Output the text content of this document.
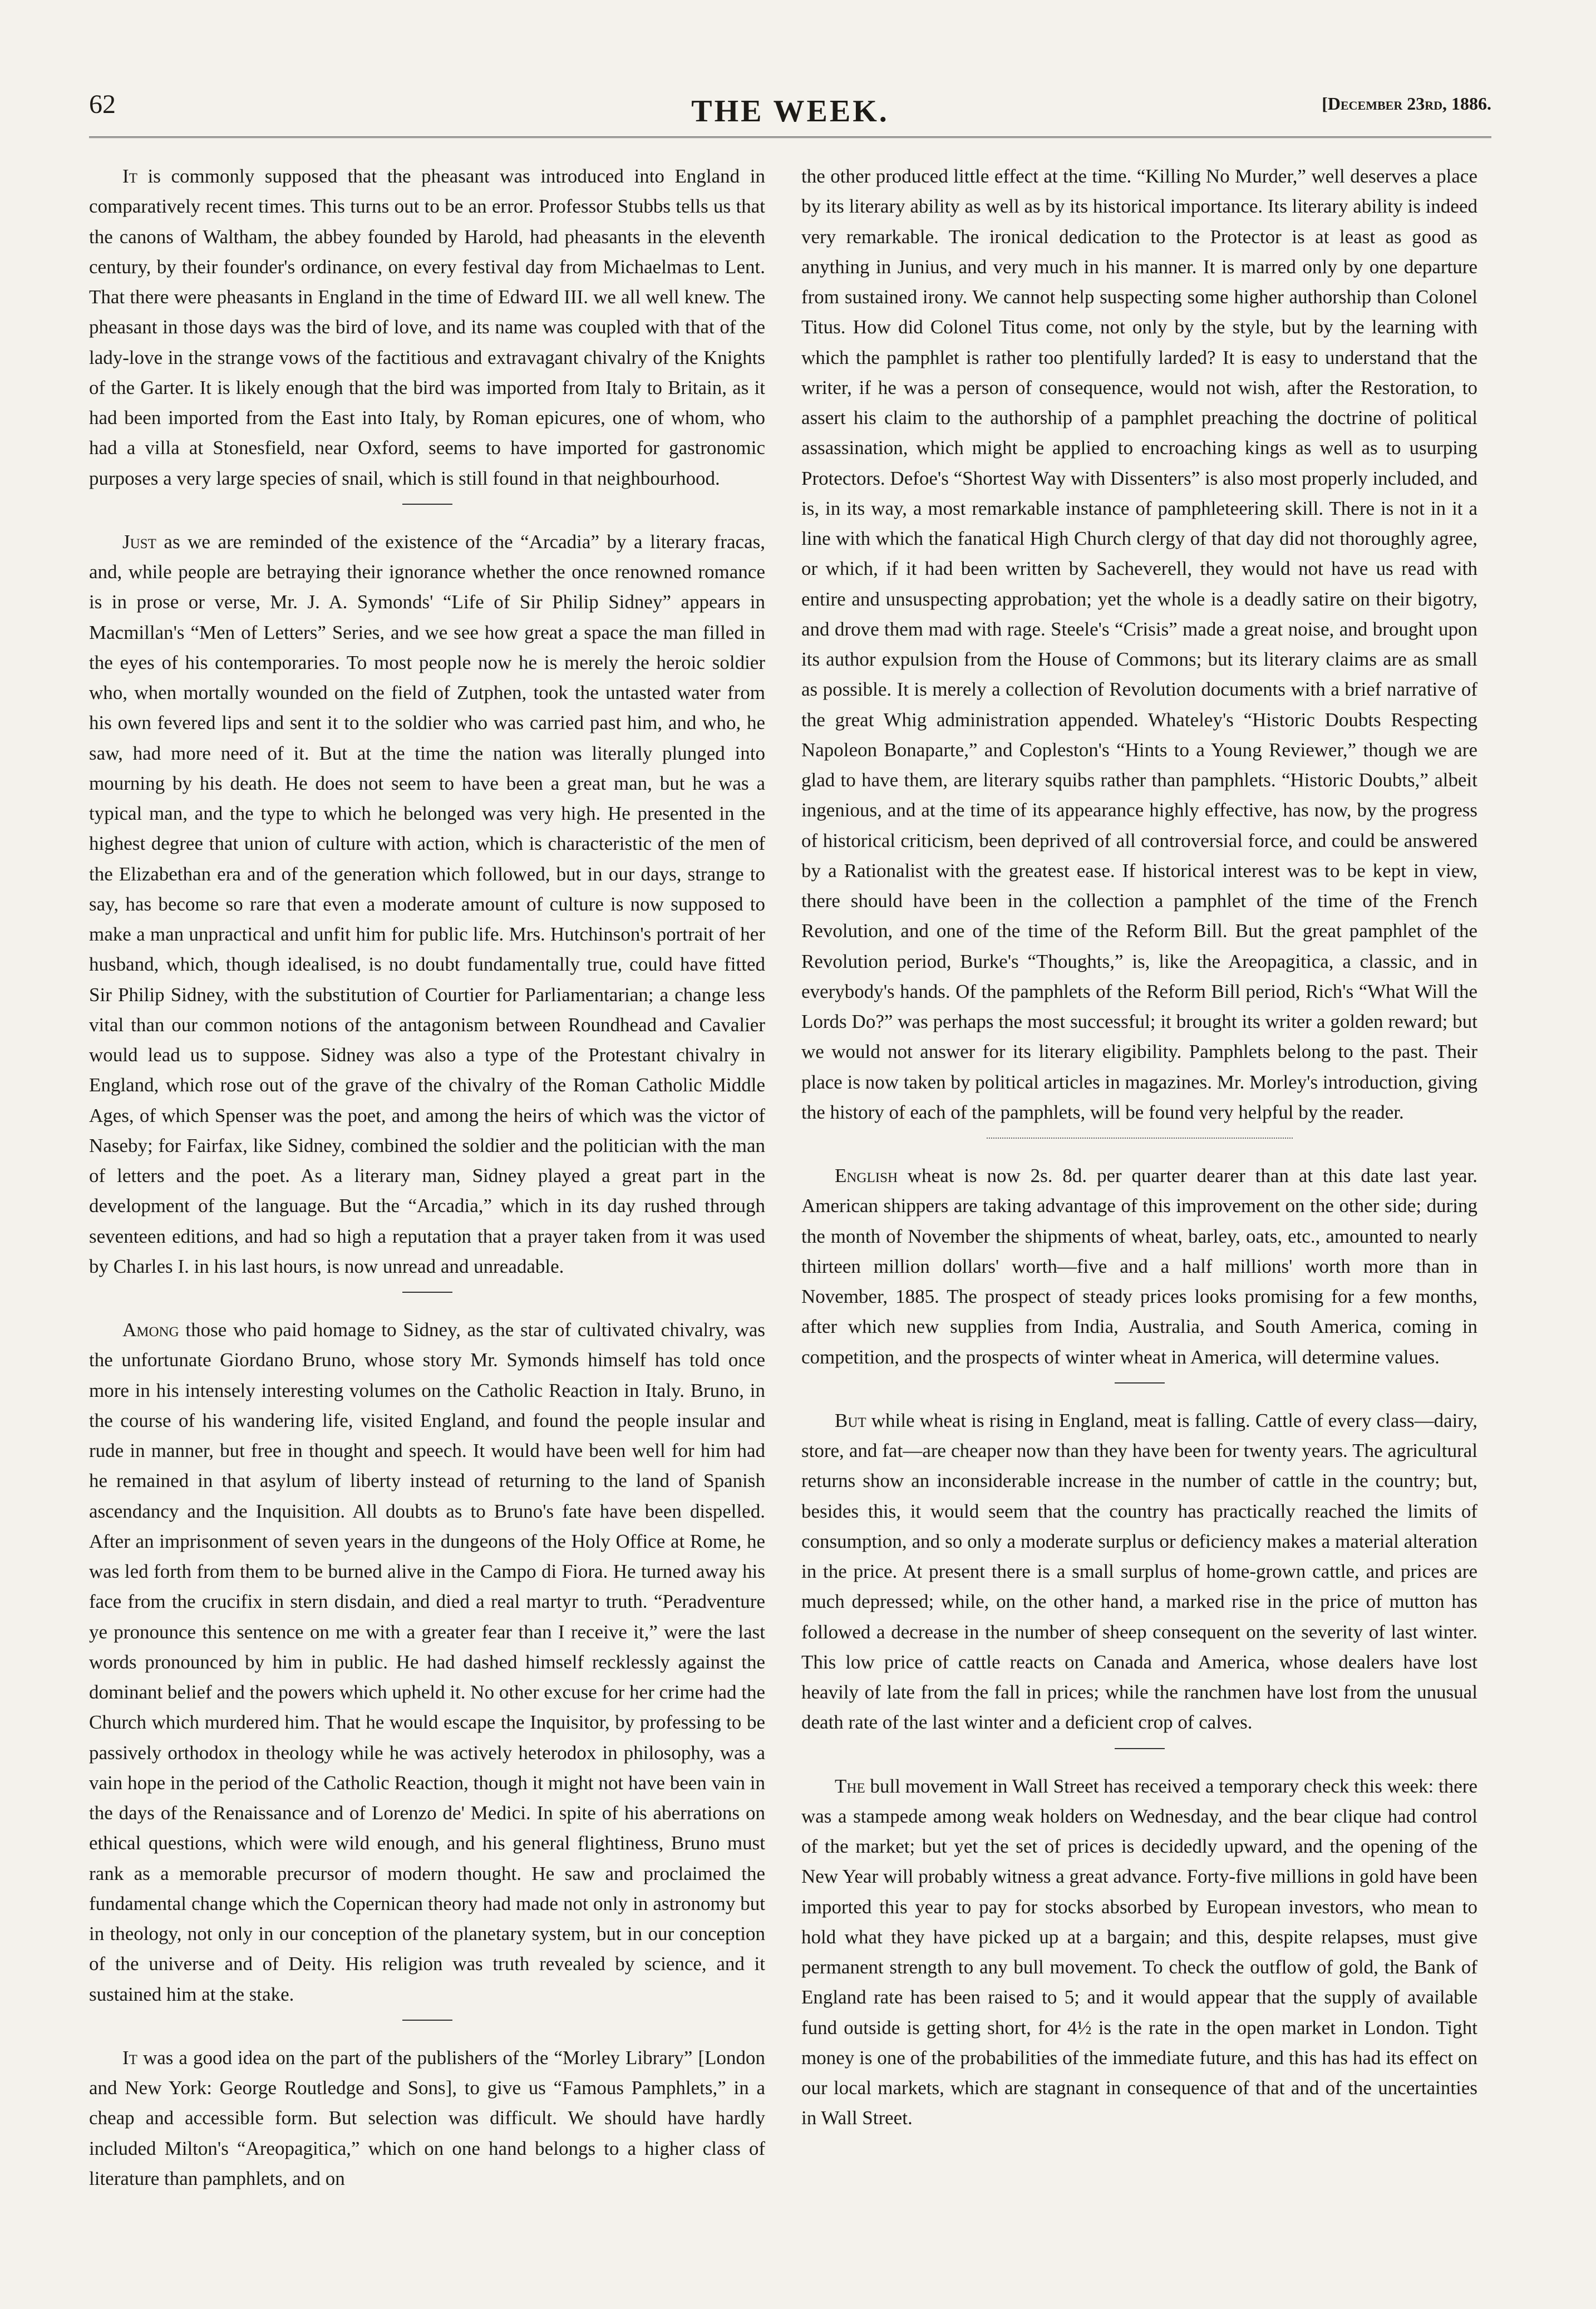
62	THE WEEK.	[December 23rd, 1886.

It is commonly supposed that the pheasant was introduced into England in comparatively recent times. This turns out to be an error. Professor Stubbs tells us that the canons of Waltham, the abbey founded by Harold, had pheasants in the eleventh century, by their founder's ordinance, on every festival day from Michaelmas to Lent. That there were pheasants in England in the time of Edward III. we all well knew. The pheasant in those days was the bird of love, and its name was coupled with that of the lady-love in the strange vows of the factitious and extravagant chivalry of the Knights of the Garter. It is likely enough that the bird was imported from Italy to Britain, as it had been imported from the East into Italy, by Roman epicures, one of whom, who had a villa at Stonesfield, near Oxford, seems to have imported for gastronomic purposes a very large species of snail, which is still found in that neighbourhood.

Just as we are reminded of the existence of the “Arcadia” by a literary fracas, and, while people are betraying their ignorance whether the once renowned romance is in prose or verse, Mr. J. A. Symonds' “Life of Sir Philip Sidney” appears in Macmillan's “Men of Letters” Series, and we see how great a space the man filled in the eyes of his contemporaries. To most people now he is merely the heroic soldier who, when mortally wounded on the field of Zutphen, took the untasted water from his own fevered lips and sent it to the soldier who was carried past him, and who, he saw, had more need of it. But at the time the nation was literally plunged into mourning by his death. He does not seem to have been a great man, but he was a typical man, and the type to which he belonged was very high. He presented in the highest degree that union of culture with action, which is characteristic of the men of the Elizabethan era and of the generation which followed, but in our days, strange to say, has become so rare that even a moderate amount of culture is now supposed to make a man unpractical and unfit him for public life. Mrs. Hutchinson's portrait of her husband, which, though idealised, is no doubt fundamentally true, could have fitted Sir Philip Sidney, with the substitution of Courtier for Parliamentarian; a change less vital than our common notions of the antagonism between Roundhead and Cavalier would lead us to suppose. Sidney was also a type of the Protestant chivalry in England, which rose out of the grave of the chivalry of the Roman Catholic Middle Ages, of which Spenser was the poet, and among the heirs of which was the victor of Naseby; for Fairfax, like Sidney, combined the soldier and the politician with the man of letters and the poet. As a literary man, Sidney played a great part in the development of the language. But the “Arcadia,” which in its day rushed through seventeen editions, and had so high a reputation that a prayer taken from it was used by Charles I. in his last hours, is now unread and unreadable.

Among those who paid homage to Sidney, as the star of cultivated chivalry, was the unfortunate Giordano Bruno, whose story Mr. Symonds himself has told once more in his intensely interesting volumes on the Catholic Reaction in Italy. Bruno, in the course of his wandering life, visited England, and found the people insular and rude in manner, but free in thought and speech. It would have been well for him had he remained in that asylum of liberty instead of returning to the land of Spanish ascendancy and the Inquisition. All doubts as to Bruno's fate have been dispelled. After an imprisonment of seven years in the dungeons of the Holy Office at Rome, he was led forth from them to be burned alive in the Campo di Fiora. He turned away his face from the crucifix in stern disdain, and died a real martyr to truth. “Peradventure ye pronounce this sentence on me with a greater fear than I receive it,” were the last words pronounced by him in public. He had dashed himself recklessly against the dominant belief and the powers which upheld it. No other excuse for her crime had the Church which murdered him. That he would escape the Inquisitor, by professing to be passively orthodox in theology while he was actively heterodox in philosophy, was a vain hope in the period of the Catholic Reaction, though it might not have been vain in the days of the Renaissance and of Lorenzo de' Medici. In spite of his aberrations on ethical questions, which were wild enough, and his general flightiness, Bruno must rank as a memorable precursor of modern thought. He saw and proclaimed the fundamental change which the Copernican theory had made not only in astronomy but in theology, not only in our conception of the planetary system, but in our conception of the universe and of Deity. His religion was truth revealed by science, and it sustained him at the stake.

It was a good idea on the part of the publishers of the “Morley Library” [London and New York: George Routledge and Sons], to give us “Famous Pamphlets,” in a cheap and accessible form. But selection was difficult. We should have hardly included Milton's “Areopagitica,” which on one hand belongs to a higher class of literature than pamphlets, and on

the other produced little effect at the time. “Killing No Murder,” well deserves a place by its literary ability as well as by its historical importance. Its literary ability is indeed very remarkable. The ironical dedication to the Protector is at least as good as anything in Junius, and very much in his manner. It is marred only by one departure from sustained irony. We cannot help suspecting some higher authorship than Colonel Titus. How did Colonel Titus come, not only by the style, but by the learning with which the pamphlet is rather too plentifully larded? It is easy to understand that the writer, if he was a person of consequence, would not wish, after the Restoration, to assert his claim to the authorship of a pamphlet preaching the doctrine of political assassination, which might be applied to encroaching kings as well as to usurping Protectors. Defoe's “Shortest Way with Dissenters” is also most properly included, and is, in its way, a most remarkable instance of pamphleteering skill. There is not in it a line with which the fanatical High Church clergy of that day did not thoroughly agree, or which, if it had been written by Sacheverell, they would not have us read with entire and unsuspecting approbation; yet the whole is a deadly satire on their bigotry, and drove them mad with rage. Steele's “Crisis” made a great noise, and brought upon its author expulsion from the House of Commons; but its literary claims are as small as possible. It is merely a collection of Revolution documents with a brief narrative of the great Whig administration appended. Whateley's “Historic Doubts Respecting Napoleon Bonaparte,” and Copleston's “Hints to a Young Reviewer,” though we are glad to have them, are literary squibs rather than pamphlets. “Historic Doubts,” albeit ingenious, and at the time of its appearance highly effective, has now, by the progress of historical criticism, been deprived of all controversial force, and could be answered by a Rationalist with the greatest ease. If historical interest was to be kept in view, there should have been in the collection a pamphlet of the time of the French Revolution, and one of the time of the Reform Bill. But the great pamphlet of the Revolution period, Burke's “Thoughts,” is, like the Areopagitica, a classic, and in everybody's hands. Of the pamphlets of the Reform Bill period, Rich's “What Will the Lords Do?” was perhaps the most successful; it brought its writer a golden reward; but we would not answer for its literary eligibility. Pamphlets belong to the past. Their place is now taken by political articles in magazines. Mr. Morley's introduction, giving the history of each of the pamphlets, will be found very helpful by the reader.

English wheat is now 2s. 8d. per quarter dearer than at this date last year. American shippers are taking advantage of this improvement on the other side; during the month of November the shipments of wheat, barley, oats, etc., amounted to nearly thirteen million dollars' worth—five and a half millions' worth more than in November, 1885. The prospect of steady prices looks promising for a few months, after which new supplies from India, Australia, and South America, coming in competition, and the prospects of winter wheat in America, will determine values.

But while wheat is rising in England, meat is falling. Cattle of every class—dairy, store, and fat—are cheaper now than they have been for twenty years. The agricultural returns show an inconsiderable increase in the number of cattle in the country; but, besides this, it would seem that the country has practically reached the limits of consumption, and so only a moderate surplus or deficiency makes a material alteration in the price. At present there is a small surplus of home-grown cattle, and prices are much depressed; while, on the other hand, a marked rise in the price of mutton has followed a decrease in the number of sheep consequent on the severity of last winter. This low price of cattle reacts on Canada and America, whose dealers have lost heavily of late from the fall in prices; while the ranchmen have lost from the unusual death rate of the last winter and a deficient crop of calves.

The bull movement in Wall Street has received a temporary check this week: there was a stampede among weak holders on Wednesday, and the bear clique had control of the market; but yet the set of prices is decidedly upward, and the opening of the New Year will probably witness a great advance. Forty-five millions in gold have been imported this year to pay for stocks absorbed by European investors, who mean to hold what they have picked up at a bargain; and this, despite relapses, must give permanent strength to any bull movement. To check the outflow of gold, the Bank of England rate has been raised to 5; and it would appear that the supply of available fund outside is getting short, for 4½ is the rate in the open market in London. Tight money is one of the probabilities of the immediate future, and this has had its effect on our local markets, which are stagnant in consequence of that and of the uncertainties in Wall Street.
